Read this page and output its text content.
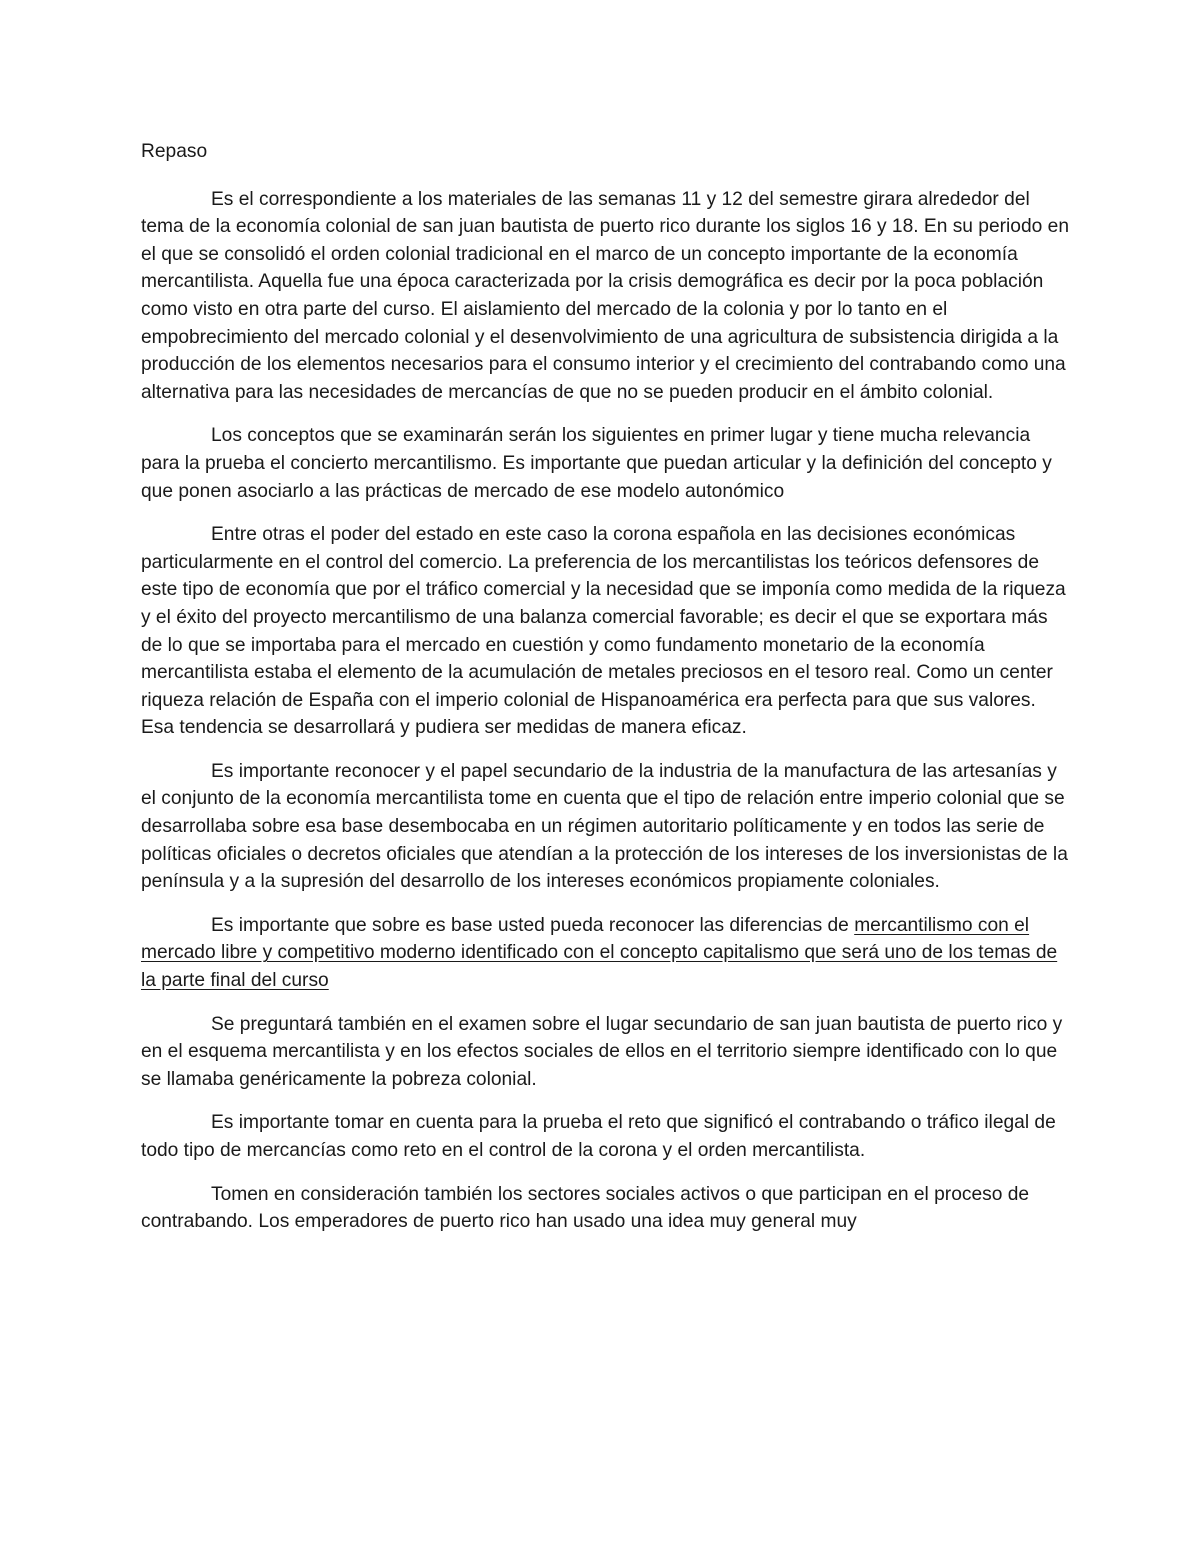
Repaso

Es el correspondiente a los materiales de las semanas 11 y 12 del semestre girara alrededor del tema de la economía colonial de san juan bautista de puerto rico durante los siglos 16 y 18. En su periodo en el que se consolidó el orden colonial tradicional en el marco de un concepto importante de la economía mercantilista. Aquella fue una época caracterizada por la crisis demográfica es decir por la poca población como visto en otra parte del curso. El aislamiento del mercado de la colonia y por lo tanto en el empobrecimiento del mercado colonial y el desenvolvimiento de una agricultura de subsistencia dirigida a la producción de los elementos necesarios para el consumo interior y el crecimiento del contrabando como una alternativa para las necesidades de mercancías de que no se pueden producir en el ámbito colonial.

Los conceptos que se examinarán serán los siguientes en primer lugar y tiene mucha relevancia para la prueba el concierto mercantilismo. Es importante que puedan articular y la definición del concepto y que ponen asociarlo a las prácticas de mercado de ese modelo autonómico

Entre otras el poder del estado en este caso la corona española en las decisiones económicas particularmente en el control del comercio. La preferencia de los mercantilistas los teóricos defensores de este tipo de economía que por el tráfico comercial y la necesidad que se imponía como medida de la riqueza y el éxito del proyecto mercantilismo de una balanza comercial favorable; es decir el que se exportara más de lo que se importaba para el mercado en cuestión y como fundamento monetario de la economía mercantilista estaba el elemento de la acumulación de metales preciosos en el tesoro real. Como un center riqueza relación de España con el imperio colonial de Hispanoamérica era perfecta para que sus valores. Esa tendencia se desarrollará y pudiera ser medidas de manera eficaz.

Es importante reconocer y el papel secundario de la industria de la manufactura de las artesanías y el conjunto de la economía mercantilista tome en cuenta que el tipo de relación entre imperio colonial que se desarrollaba sobre esa base desembocaba en un régimen autoritario políticamente y en todos las serie de políticas oficiales o decretos oficiales que atendían a la protección de los intereses de los inversionistas de la península y a la supresión del desarrollo de los intereses económicos propiamente coloniales.

Es importante que sobre es base usted pueda reconocer las diferencias de mercantilismo con el mercado libre y competitivo moderno identificado con el concepto capitalismo que será uno de los temas de la parte final del curso

Se preguntará también en el examen sobre el lugar secundario de san juan bautista de puerto rico y en el esquema mercantilista y en los efectos sociales de ellos en el territorio siempre identificado con lo que se llamaba genéricamente la pobreza colonial.

Es importante tomar en cuenta para la prueba el reto que significó el contrabando o tráfico ilegal de todo tipo de mercancías como reto en el control de la corona y el orden mercantilista.

Tomen en consideración también los sectores sociales activos o que participan en el proceso de contrabando. Los emperadores de puerto rico han usado una idea muy general muy
